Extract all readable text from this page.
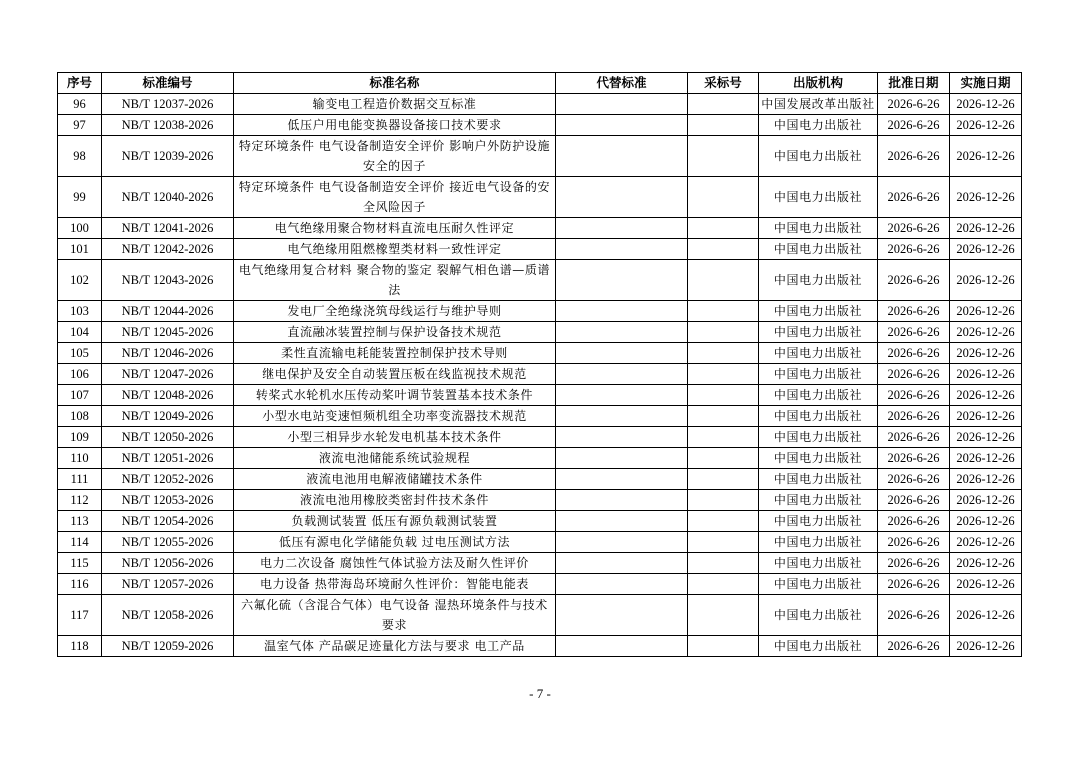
序号	标准编号	标准名称	代替标准	采标号	出版机构	批准日期	实施日期
96	NB/T 12037-2026	输变电工程造价数据交互标准			中国发展改革出版社	2026-6-26	2026-12-26
97	NB/T 12038-2026	低压户用电能变换器设备接口技术要求			中国电力出版社	2026-6-26	2026-12-26
98	NB/T 12039-2026	特定环境条件 电气设备制造安全评价 影响户外防护设施安全的因子			中国电力出版社	2026-6-26	2026-12-26
99	NB/T 12040-2026	特定环境条件 电气设备制造安全评价 接近电气设备的安全风险因子			中国电力出版社	2026-6-26	2026-12-26
100	NB/T 12041-2026	电气绝缘用聚合物材料直流电压耐久性评定			中国电力出版社	2026-6-26	2026-12-26
101	NB/T 12042-2026	电气绝缘用阻燃橡塑类材料一致性评定			中国电力出版社	2026-6-26	2026-12-26
102	NB/T 12043-2026	电气绝缘用复合材料 聚合物的鉴定 裂解气相色谱—质谱法			中国电力出版社	2026-6-26	2026-12-26
103	NB/T 12044-2026	发电厂全绝缘浇筑母线运行与维护导则			中国电力出版社	2026-6-26	2026-12-26
104	NB/T 12045-2026	直流融冰装置控制与保护设备技术规范			中国电力出版社	2026-6-26	2026-12-26
105	NB/T 12046-2026	柔性直流输电耗能装置控制保护技术导则			中国电力出版社	2026-6-26	2026-12-26
106	NB/T 12047-2026	继电保护及安全自动装置压板在线监视技术规范			中国电力出版社	2026-6-26	2026-12-26
107	NB/T 12048-2026	转桨式水轮机水压传动桨叶调节装置基本技术条件			中国电力出版社	2026-6-26	2026-12-26
108	NB/T 12049-2026	小型水电站变速恒频机组全功率变流器技术规范			中国电力出版社	2026-6-26	2026-12-26
109	NB/T 12050-2026	小型三相异步水轮发电机基本技术条件			中国电力出版社	2026-6-26	2026-12-26
110	NB/T 12051-2026	液流电池储能系统试验规程			中国电力出版社	2026-6-26	2026-12-26
111	NB/T 12052-2026	液流电池用电解液储罐技术条件			中国电力出版社	2026-6-26	2026-12-26
112	NB/T 12053-2026	液流电池用橡胶类密封件技术条件			中国电力出版社	2026-6-26	2026-12-26
113	NB/T 12054-2026	负载测试装置 低压有源负载测试装置			中国电力出版社	2026-6-26	2026-12-26
114	NB/T 12055-2026	低压有源电化学储能负载 过电压测试方法			中国电力出版社	2026-6-26	2026-12-26
115	NB/T 12056-2026	电力二次设备 腐蚀性气体试验方法及耐久性评价			中国电力出版社	2026-6-26	2026-12-26
116	NB/T 12057-2026	电力设备 热带海岛环境耐久性评价：智能电能表			中国电力出版社	2026-6-26	2026-12-26
117	NB/T 12058-2026	六氟化硫（含混合气体）电气设备 湿热环境条件与技术要求			中国电力出版社	2026-6-26	2026-12-26
118	NB/T 12059-2026	温室气体 产品碳足迹量化方法与要求 电工产品			中国电力出版社	2026-6-26	2026-12-26
- 7 -
